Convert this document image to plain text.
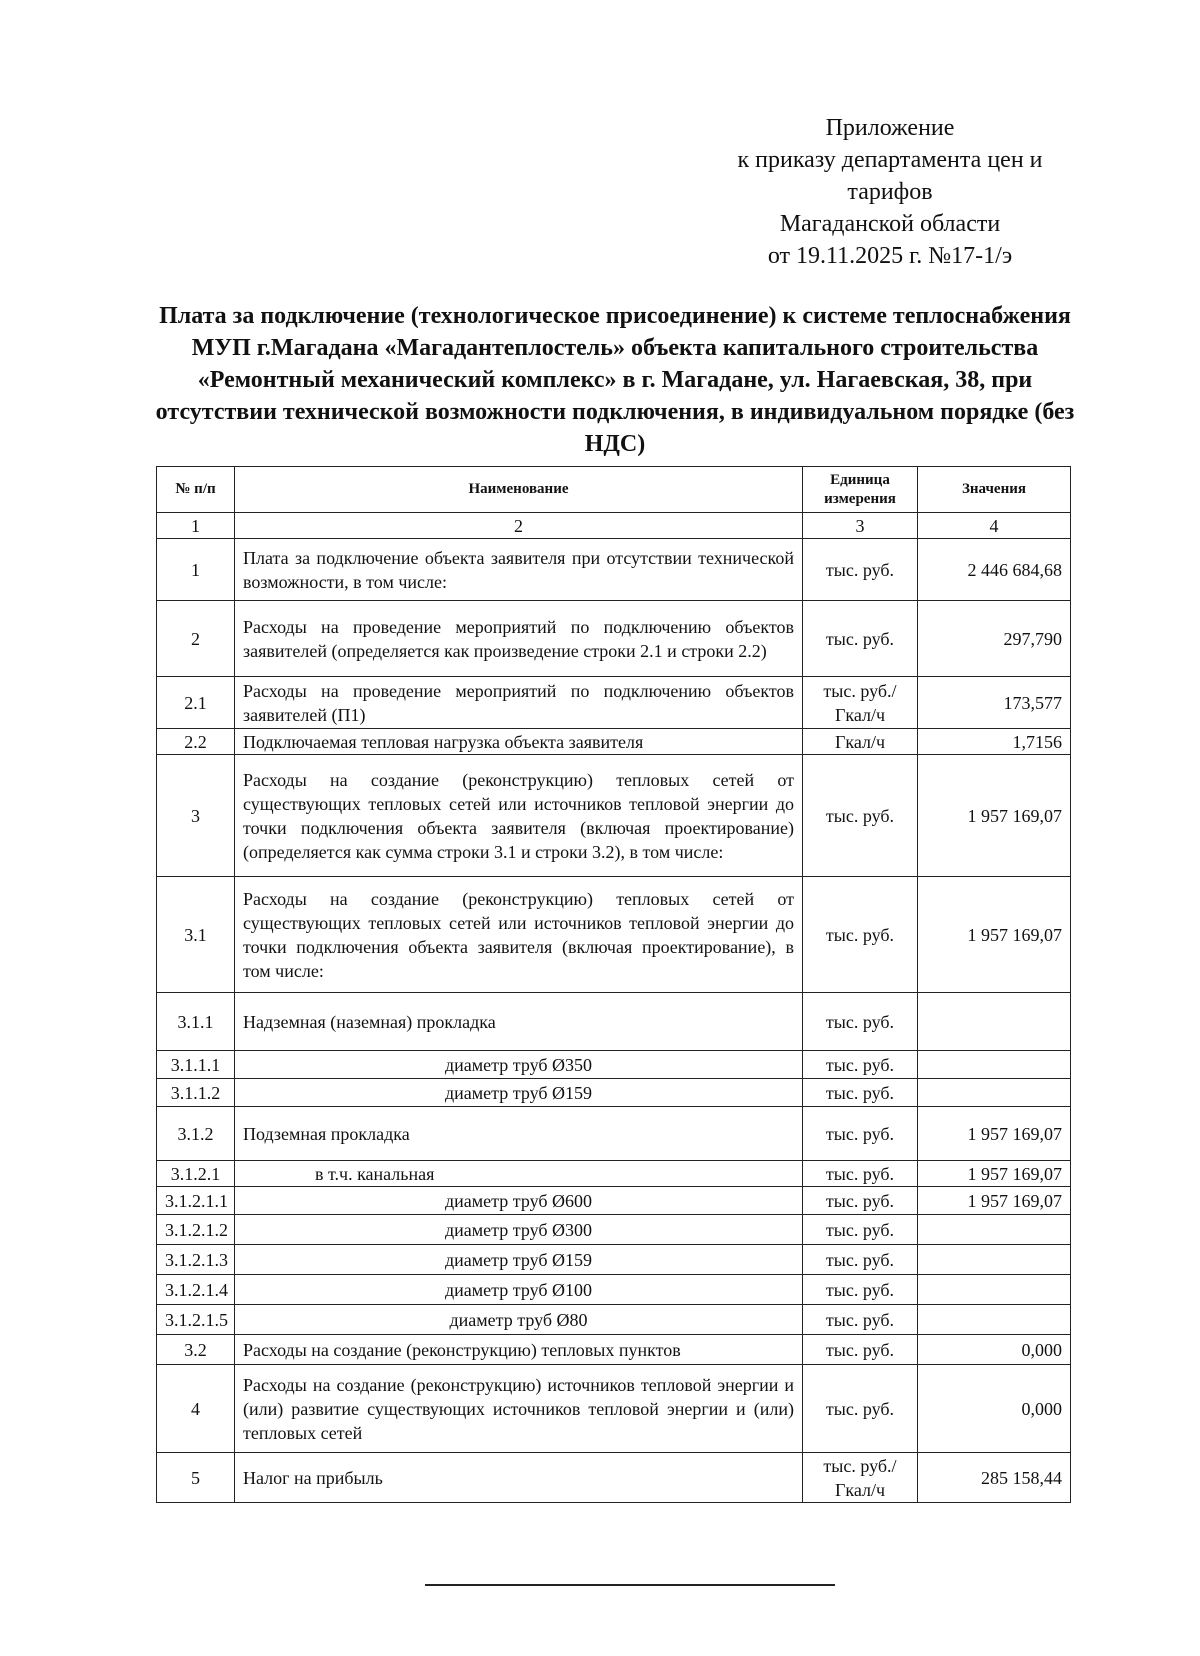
Приложение
к приказу департамента цен и
тарифов
Магаданской области
от 19.11.2025 г. №17-1/э
Плата за подключение (технологическое присоединение) к системе теплоснабжения МУП г.Магадана «Магадантеплостель» объекта капитального строительства «Ремонтный механический комплекс» в г. Магадане, ул. Нагаевская, 38, при отсутствии технической возможности подключения, в индивидуальном порядке (без НДС)
№ п/п	Наименование	Единица измерения	Значения
1	2	3	4
1	Плата за подключение объекта заявителя при отсутствии технической возможности, в том числе:	тыс. руб.	2 446 684,68
2	Расходы на проведение мероприятий по подключению объектов заявителей (определяется как произведение строки 2.1 и строки 2.2)	тыс. руб.	297,790
2.1	Расходы на проведение мероприятий по подключению объектов заявителей (П1)	тыс. руб./ Гкал/ч	173,577
2.2	Подключаемая тепловая нагрузка объекта заявителя	Гкал/ч	1,7156
3	Расходы на создание (реконструкцию) тепловых сетей от существующих тепловых сетей или источников тепловой энергии до точки подключения объекта заявителя (включая проектирование) (определяется как сумма строки 3.1 и строки 3.2), в том числе:	тыс. руб.	1 957 169,07
3.1	Расходы на создание (реконструкцию) тепловых сетей от существующих тепловых сетей или источников тепловой энергии до точки подключения объекта заявителя (включая проектирование), в том числе:	тыс. руб.	1 957 169,07
3.1.1	Надземная (наземная) прокладка	тыс. руб.	
3.1.1.1	диаметр труб Ø350	тыс. руб.	
3.1.1.2	диаметр труб Ø159	тыс. руб.	
3.1.2	Подземная прокладка	тыс. руб.	1 957 169,07
3.1.2.1	в т.ч. канальная	тыс. руб.	1 957 169,07
3.1.2.1.1	диаметр труб Ø600	тыс. руб.	1 957 169,07
3.1.2.1.2	диаметр труб Ø300	тыс. руб.	
3.1.2.1.3	диаметр труб Ø159	тыс. руб.	
3.1.2.1.4	диаметр труб Ø100	тыс. руб.	
3.1.2.1.5	диаметр труб Ø80	тыс. руб.	
3.2	Расходы на создание (реконструкцию) тепловых пунктов	тыс. руб.	0,000
4	Расходы на создание (реконструкцию) источников тепловой энергии и (или) развитие существующих источников тепловой энергии и (или) тепловых сетей	тыс. руб.	0,000
5	Налог на прибыль	тыс. руб./ Гкал/ч	285 158,44
